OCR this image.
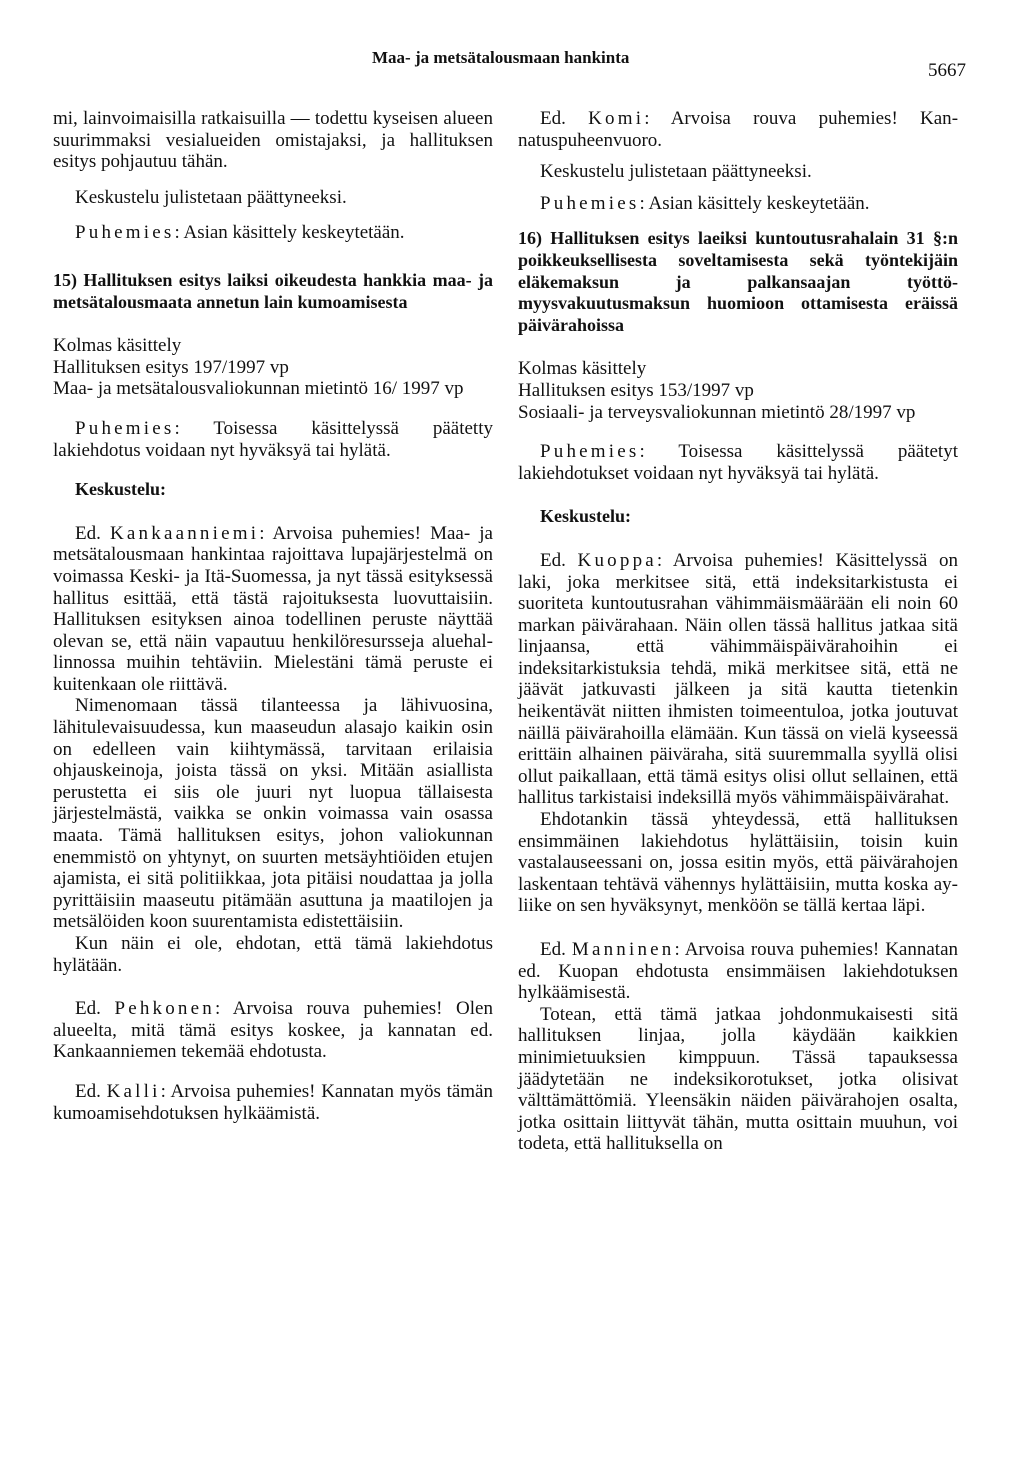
Maa- ja metsätalousmaan hankinta
5667

mi, lainvoimaisilla ratkaisuilla — todettu kyseisen alueen suurimmaksi vesialueiden omistajaksi, ja hallituksen esitys pohjautuu tähän.

Keskustelu julistetaan päättyneeksi.

Puhemies: Asian käsittely keskeytetään.

15) Hallituksen esitys laiksi oikeudesta hankkia maa- ja metsätalousmaata annetun lain kumoamisesta

Kolmas käsittely

Hallituksen esitys 197/1997 vp

Maa- ja metsätalousvaliokunnan mietintö 16/ 1997 vp

Puhemies: Toisessa käsittelyssä päätetty lakiehdotus voidaan nyt hyväksyä tai hylätä.

Keskustelu:

Ed. Kankaanniemi: Arvoisa puhemies! Maa- ja metsätalousmaan hankintaa rajoittava lupajärjestelmä on voimassa Keski- ja Itä-Suomessa, ja nyt tässä esityksessä hallitus esittää, että tästä rajoituksesta luovuttaisiin. Hallituksen esityksen ainoa todellinen peruste näyttää olevan se, että näin vapautuu henkilöresursseja aluehallinnossa muihin tehtäviin. Mielestäni tämä peruste ei kuitenkaan ole riittävä.

Nimenomaan tässä tilanteessa ja lähivuosina, lähitulevaisuudessa, kun maaseudun alasajo kaikin osin on edelleen vain kiihtymässä, tarvitaan erilaisia ohjauskeinoja, joista tässä on yksi. Mitään asiallista perustetta ei siis ole juuri nyt luopua tällaisesta järjestelmästä, vaikka se onkin voimassa vain osassa maata. Tämä hallituksen esitys, johon valiokunnan enemmistö on yhtynyt, on suurten metsäyhtiöiden etujen ajamista, ei sitä politiikkaa, jota pitäisi noudattaa ja jolla pyrittäisiin maaseutu pitämään asuttuna ja maatilojen ja metsälöiden koon suurentamista edistettäisiin.

Kun näin ei ole, ehdotan, että tämä lakiehdotus hylätään.

Ed. Pehkonen: Arvoisa rouva puhemies! Olen alueelta, mitä tämä esitys koskee, ja kannatan ed. Kankaanniemen tekemää ehdotusta.

Ed. Kalli: Arvoisa puhemies! Kannatan myös tämän kumoamisehdotuksen hylkäämistä.

Ed. Komi: Arvoisa rouva puhemies! Kannatuspuheenvuoro.

Keskustelu julistetaan päättyneeksi.

Puhemies: Asian käsittely keskeytetään.

16) Hallituksen esitys laeiksi kuntoutusrahalain 31 §:n poikkeuksellisesta soveltamisesta sekä työntekijäin eläkemaksun ja palkansaajan työttömyysvakuutusmaksun huomioon ottamisesta eräissä päivärahoissa

Kolmas käsittely

Hallituksen esitys 153/1997 vp

Sosiaali- ja terveysvaliokunnan mietintö 28/1997 vp

Puhemies: Toisessa käsittelyssä päätetyt lakiehdotukset voidaan nyt hyväksyä tai hylätä.

Keskustelu:

Ed. Kuoppa: Arvoisa puhemies! Käsittelyssä on laki, joka merkitsee sitä, että indeksitarkistusta ei suoriteta kuntoutusrahan vähimmäismäärään eli noin 60 markan päivärahaan. Näin ollen tässä hallitus jatkaa sitä linjaansa, että vähimmäispäivärahoihin ei indeksitarkistuksia tehdä, mikä merkitsee sitä, että ne jäävät jatkuvasti jälkeen ja sitä kautta tietenkin heikentävät niitten ihmisten toimeentuloa, jotka joutuvat näillä päivärahoilla elämään. Kun tässä on vielä kyseessä erittäin alhainen päiväraha, sitä suuremmalla syyllä olisi ollut paikallaan, että tämä esitys olisi ollut sellainen, että hallitus tarkistaisi indeksillä myös vähimmäispäivärahat.

Ehdotankin tässä yhteydessä, että hallituksen ensimmäinen lakiehdotus hylättäisiin, toisin kuin vastalauseessani on, jossa esitin myös, että päivärahojen laskentaan tehtävä vähennys hylättäisiin, mutta koska ay-liike on sen hyväksynyt, menköön se tällä kertaa läpi.

Ed. Manninen: Arvoisa rouva puhemies! Kannatan ed. Kuopan ehdotusta ensimmäisen lakiehdotuksen hylkäämisestä.

Totean, että tämä jatkaa johdonmukaisesti sitä hallituksen linjaa, jolla käydään kaikkien minimietuuksien kimppuun. Tässä tapauksessa jäädytetään ne indeksikorotukset, jotka olisivat välttämättömiä. Yleensäkin näiden päivärahojen osalta, jotka osittain liittyvät tähän, mutta osittain muuhun, voi todeta, että hallituksella on
